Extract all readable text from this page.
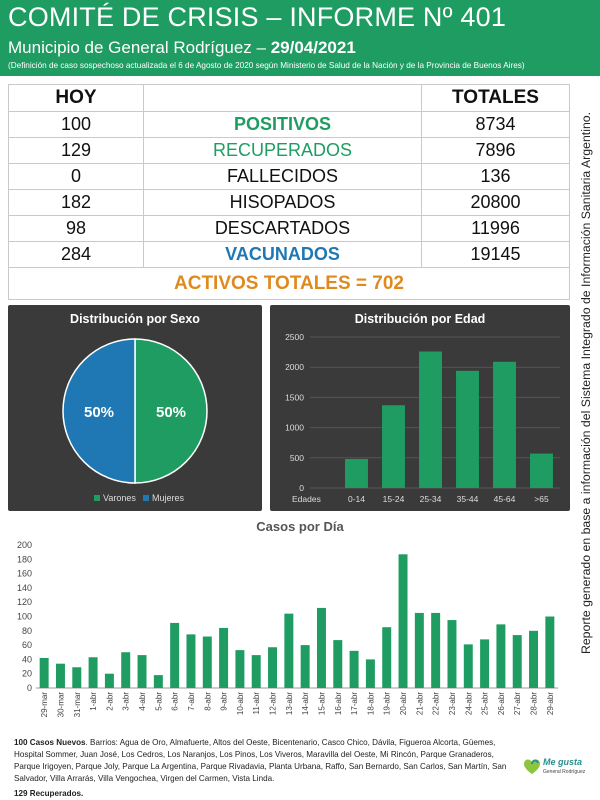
COMITÉ DE CRISIS – INFORME Nº 401
Municipio de General Rodríguez – 29/04/2021
(Definición de caso sospechoso actualizada el 6 de Agosto de 2020 según Ministerio de Salud de la Nación y de la Provincia de Buenos Aires)
HOY		TOTALES
100	POSITIVOS	8734
129	RECUPERADOS	7896
0	FALLECIDOS	136
182	HISOPADOS	20800
98	DESCARTADOS	11996
284	VACUNADOS	19145
ACTIVOS TOTALES = 702			Reporte generado en base a información del Sistema Integrado de Información Sanitaria Argentino.
Distribución por Sexo
50%
50%
Varones Mujeres
Distribución por Edad
0
500
1000
1500
2000
2500
0-14 15-24 25-34 35-44 45-64 >65
Edades
Casos por Día
0
20
40
60
80
100
120
140
160
180
200
29-mar 30-mar 31-mar 1-abr 2-abr 3-abr 4-abr 5-abr 6-abr 7-abr 8-abr 9-abr 10-abr 11-abr 12-abr 13-abr 14-abr 15-abr 16-abr 17-abr 18-abr 19-abr 20-abr 21-abr 22-abr 23-abr 24-abr 25-abr 26-abr 27-abr 28-abr 29-abr
100 Casos Nuevos. Barrios: Agua de Oro, Almafuerte, Altos del Oeste, Bicentenario, Casco Chico, Dávila, Figueroa Alcorta, Güemes, Hospital Sommer, Juan José, Los Cedros, Los Naranjos, Los Pinos, Los Viveros, Maravilla del Oeste, Mi Rincón, Parque Granaderos, Parque Irigoyen, Parque Joly, Parque La Argentina, Parque Rivadavia, Planta Urbana, Raffo, San Bernardo, San Carlos, San Martín, San Salvador, Villa Arrarás, Villa Vengochea, Virgen del Carmen, Vista Linda.
129 Recuperados.
Me gusta
General Rodríguez
